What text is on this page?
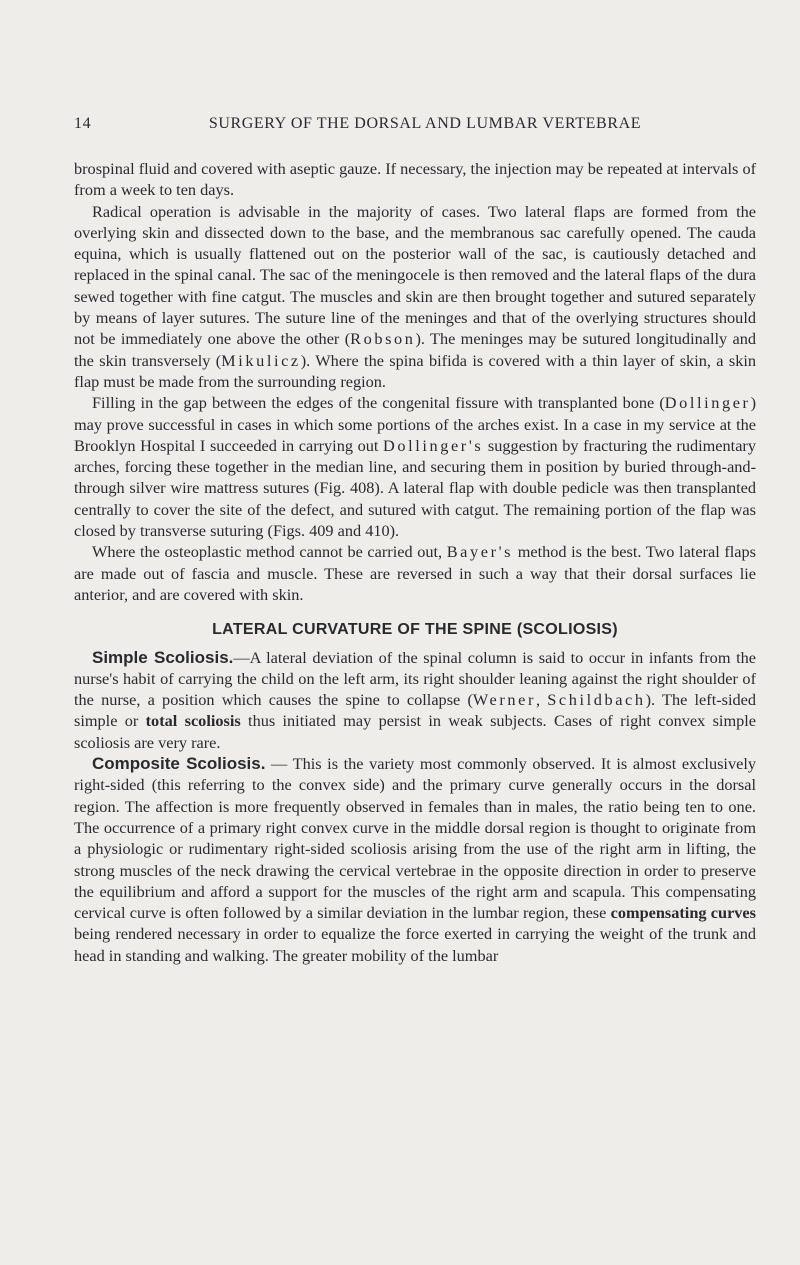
14	SURGERY OF THE DORSAL AND LUMBAR VERTEBRAE

brospinal fluid and covered with aseptic gauze. If necessary, the injection may be repeated at intervals of from a week to ten days.

Radical operation is advisable in the majority of cases. Two lateral flaps are formed from the overlying skin and dissected down to the base, and the membranous sac carefully opened. The cauda equina, which is usually flattened out on the posterior wall of the sac, is cautiously detached and replaced in the spinal canal. The sac of the meningocele is then removed and the lateral flaps of the dura sewed together with fine catgut. The muscles and skin are then brought together and sutured separately by means of layer sutures. The suture line of the meninges and that of the overlying structures should not be immediately one above the other (Robson). The meninges may be sutured longitudinally and the skin transversely (Mikulicz). Where the spina bifida is covered with a thin layer of skin, a skin flap must be made from the surrounding region.

Filling in the gap between the edges of the congenital fissure with transplanted bone (Dollinger) may prove successful in cases in which some portions of the arches exist. In a case in my service at the Brooklyn Hospital I succeeded in carrying out Dollinger's suggestion by fracturing the rudimentary arches, forcing these together in the median line, and securing them in position by buried through-and-through silver wire mattress sutures (Fig. 408). A lateral flap with double pedicle was then transplanted centrally to cover the site of the defect, and sutured with catgut. The remaining portion of the flap was closed by transverse suturing (Figs. 409 and 410).

Where the osteoplastic method cannot be carried out, Bayer's method is the best. Two lateral flaps are made out of fascia and muscle. These are reversed in such a way that their dorsal surfaces lie anterior, and are covered with skin.

LATERAL CURVATURE OF THE SPINE (SCOLIOSIS)

Simple Scoliosis.—A lateral deviation of the spinal column is said to occur in infants from the nurse's habit of carrying the child on the left arm, its right shoulder leaning against the right shoulder of the nurse, a position which causes the spine to collapse (Werner, Schildbach). The left-sided simple or total scoliosis thus initiated may persist in weak subjects. Cases of right convex simple scoliosis are very rare.

Composite Scoliosis. — This is the variety most commonly observed. It is almost exclusively right-sided (this referring to the convex side) and the primary curve generally occurs in the dorsal region. The affection is more frequently observed in females than in males, the ratio being ten to one. The occurrence of a primary right convex curve in the middle dorsal region is thought to originate from a physiologic or rudimentary right-sided scoliosis arising from the use of the right arm in lifting, the strong muscles of the neck drawing the cervical vertebrae in the opposite direction in order to preserve the equilibrium and afford a support for the muscles of the right arm and scapula. This compensating cervical curve is often followed by a similar deviation in the lumbar region, these compensating curves being rendered necessary in order to equalize the force exerted in carrying the weight of the trunk and head in standing and walking. The greater mobility of the lumbar
